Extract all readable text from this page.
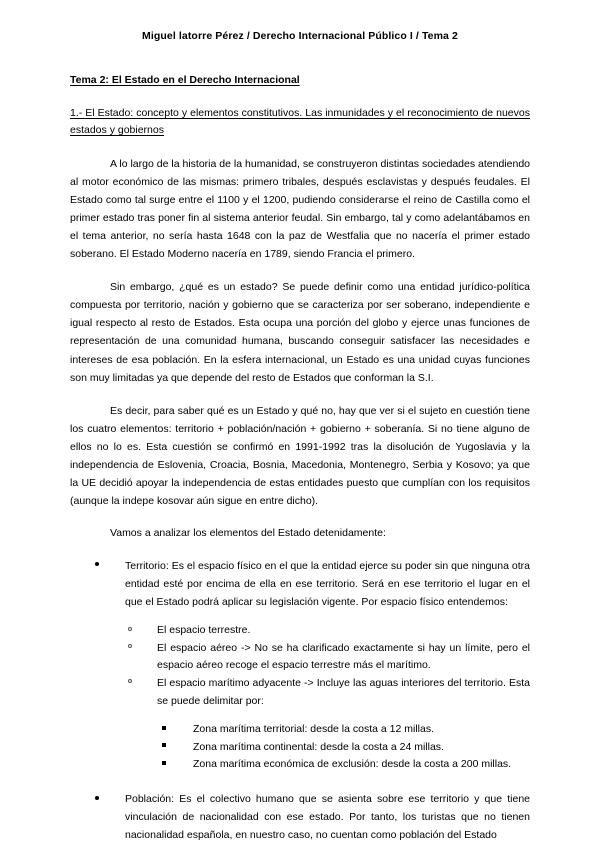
Miguel latorre Pérez / Derecho Internacional Público I / Tema 2
Tema 2: El Estado en el Derecho Internacional
1.- El Estado: concepto y elementos constitutivos. Las inmunidades y el reconocimiento de nuevos estados y gobiernos

A lo largo de la historia de la humanidad, se construyeron distintas sociedades atendiendo al motor económico de las mismas: primero tribales, después esclavistas y después feudales. El Estado como tal surge entre el 1100 y el 1200, pudiendo considerarse el reino de Castilla como el primer estado tras poner fin al sistema anterior feudal. Sin embargo, tal y como adelantábamos en el tema anterior, no sería hasta 1648 con la paz de Westfalia que no nacería el primer estado soberano. El Estado Moderno nacería en 1789, siendo Francia el primero.

Sin embargo, ¿qué es un estado? Se puede definir como una entidad jurídico-política compuesta por territorio, nación y gobierno que se caracteriza por ser soberano, independiente e igual respecto al resto de Estados. Esta ocupa una porción del globo y ejerce unas funciones de representación de una comunidad humana, buscando conseguir satisfacer las necesidades e intereses de esa población. En la esfera internacional, un Estado es una unidad cuyas funciones son muy limitadas ya que depende del resto de Estados que conforman la S.I.

Es decir, para saber qué es un Estado y qué no, hay que ver si el sujeto en cuestión tiene los cuatro elementos: territorio + población/nación + gobierno + soberanía. Si no tiene alguno de ellos no lo es. Esta cuestión se confirmó en 1991-1992 tras la disolución de Yugoslavia y la independencia de Eslovenia, Croacia, Bosnia, Macedonia, Montenegro, Serbia y Kosovo; ya que la UE decidió apoyar la independencia de estas entidades puesto que cumplían con los requisitos (aunque la indepe kosovar aún sigue en entre dicho).

Vamos a analizar los elementos del Estado detenidamente:

Territorio: Es el espacio físico en el que la entidad ejerce su poder sin que ninguna otra entidad esté por encima de ella en ese territorio. Será en ese territorio el lugar en el que el Estado podrá aplicar su legislación vigente. Por espacio físico entendemos:
El espacio terrestre.
El espacio aéreo -> No se ha clarificado exactamente si hay un límite, pero el espacio aéreo recoge el espacio terrestre más el marítimo.
El espacio marítimo adyacente -> Incluye las aguas interiores del territorio. Esta se puede delimitar por:
Zona marítima territorial: desde la costa a 12 millas.
Zona marítima continental: desde la costa a 24 millas.
Zona marítima económica de exclusión: desde la costa a 200 millas.
Población: Es el colectivo humano que se asienta sobre ese territorio y que tiene vinculación de nacionalidad con ese estado. Por tanto, los turistas que no tienen nacionalidad española, en nuestro caso, no cuentan como población del Estado
